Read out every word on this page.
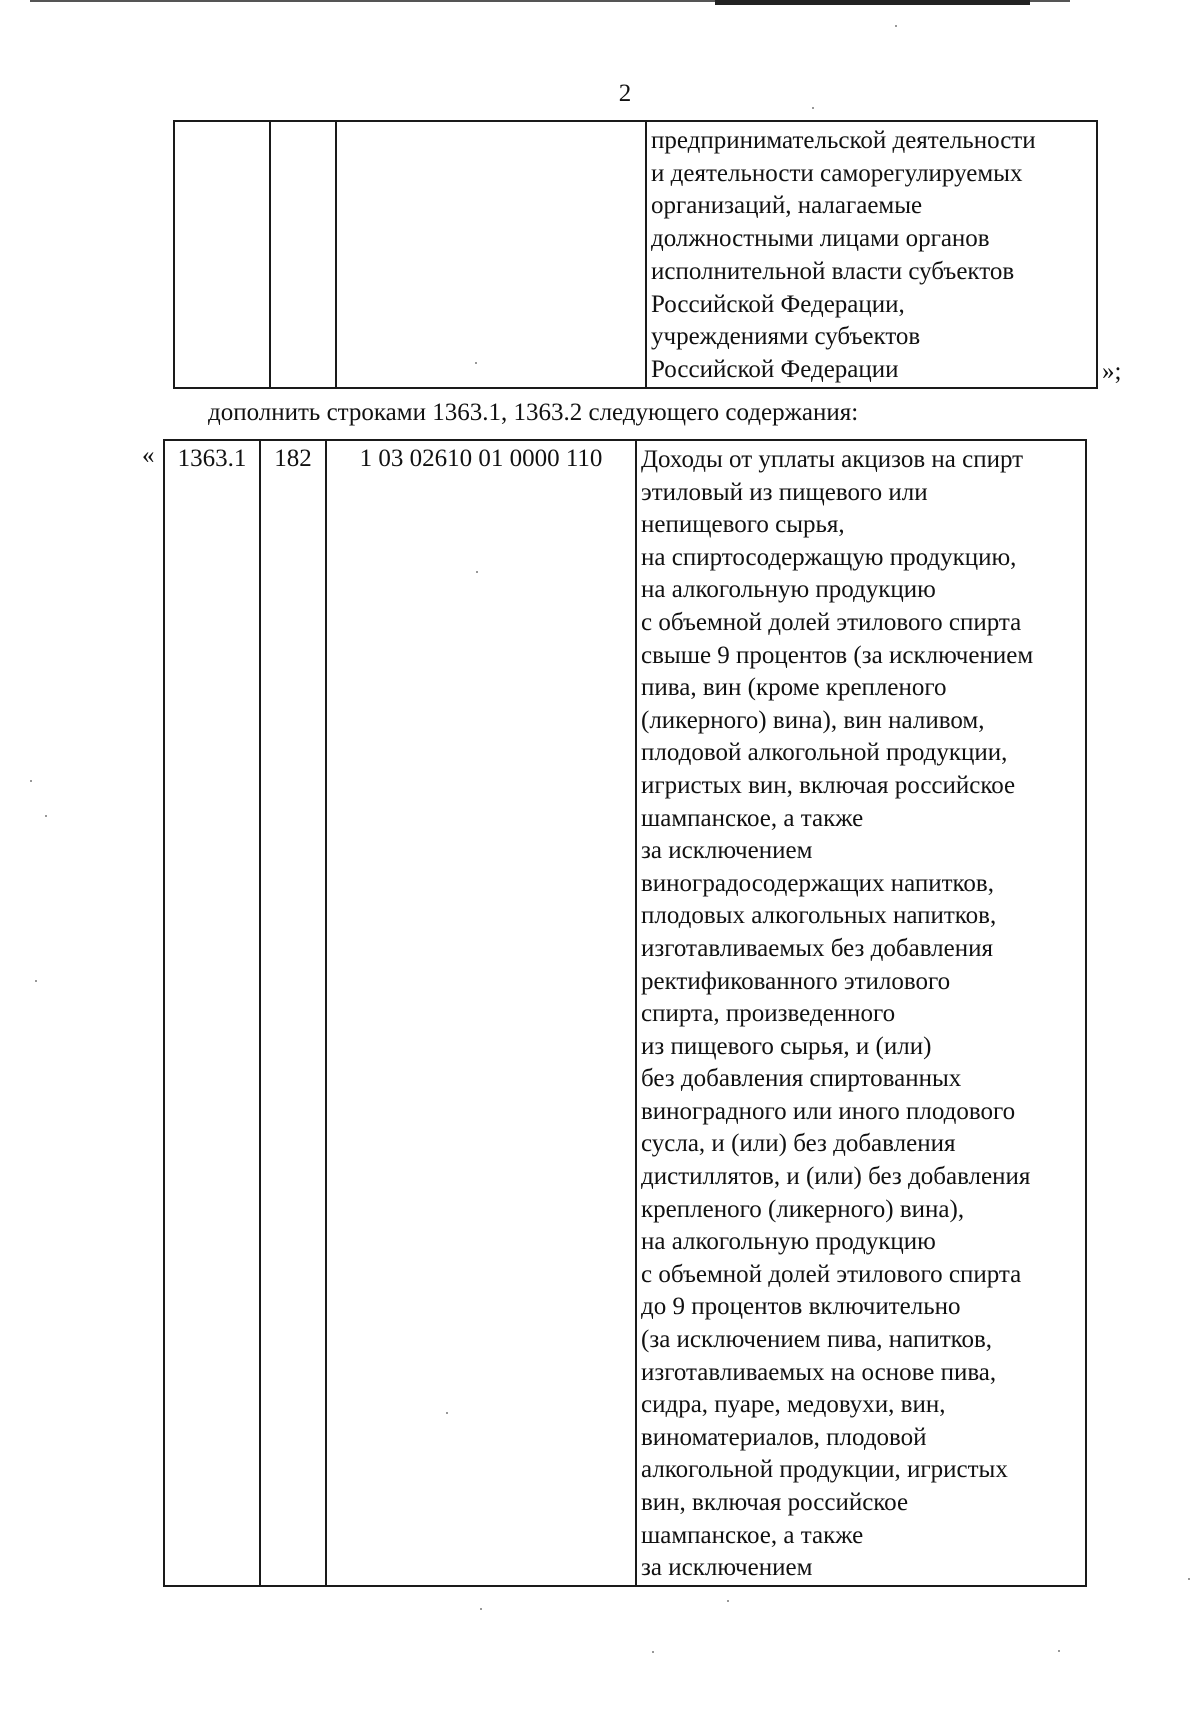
2

предпринимательской деятельности
и деятельности саморегулируемых
организаций, налагаемые
должностными лицами органов
исполнительной власти субъектов
Российской Федерации,
учреждениями субъектов
Российской Федерации	»;
дополнить строками 1363.1, 1363.2 следующего содержания:
« 1363.1	182	1 03 02610 01 0000 110	Доходы от уплаты акцизов на спирт
этиловый из пищевого или
непищевого сырья,
на спиртосодержащую продукцию,
на алкогольную продукцию
с объемной долей этилового спирта
свыше 9 процентов (за исключением
пива, вин (кроме крепленого
(ликерного) вина), вин наливом,
плодовой алкогольной продукции,
игристых вин, включая российское
шампанское, а также
за исключением
виноградосодержащих напитков,
плодовых алкогольных напитков,
изготавливаемых без добавления
ректификованного этилового
спирта, произведенного
из пищевого сырья, и (или)
без добавления спиртованных
виноградного или иного плодового
сусла, и (или) без добавления
дистиллятов, и (или) без добавления
крепленого (ликерного) вина),
на алкогольную продукцию
с объемной долей этилового спирта
до 9 процентов включительно
(за исключением пива, напитков,
изготавливаемых на основе пива,
сидра, пуаре, медовухи, вин,
виноматериалов, плодовой
алкогольной продукции, игристых
вин, включая российское
шампанское, а также
за исключением
